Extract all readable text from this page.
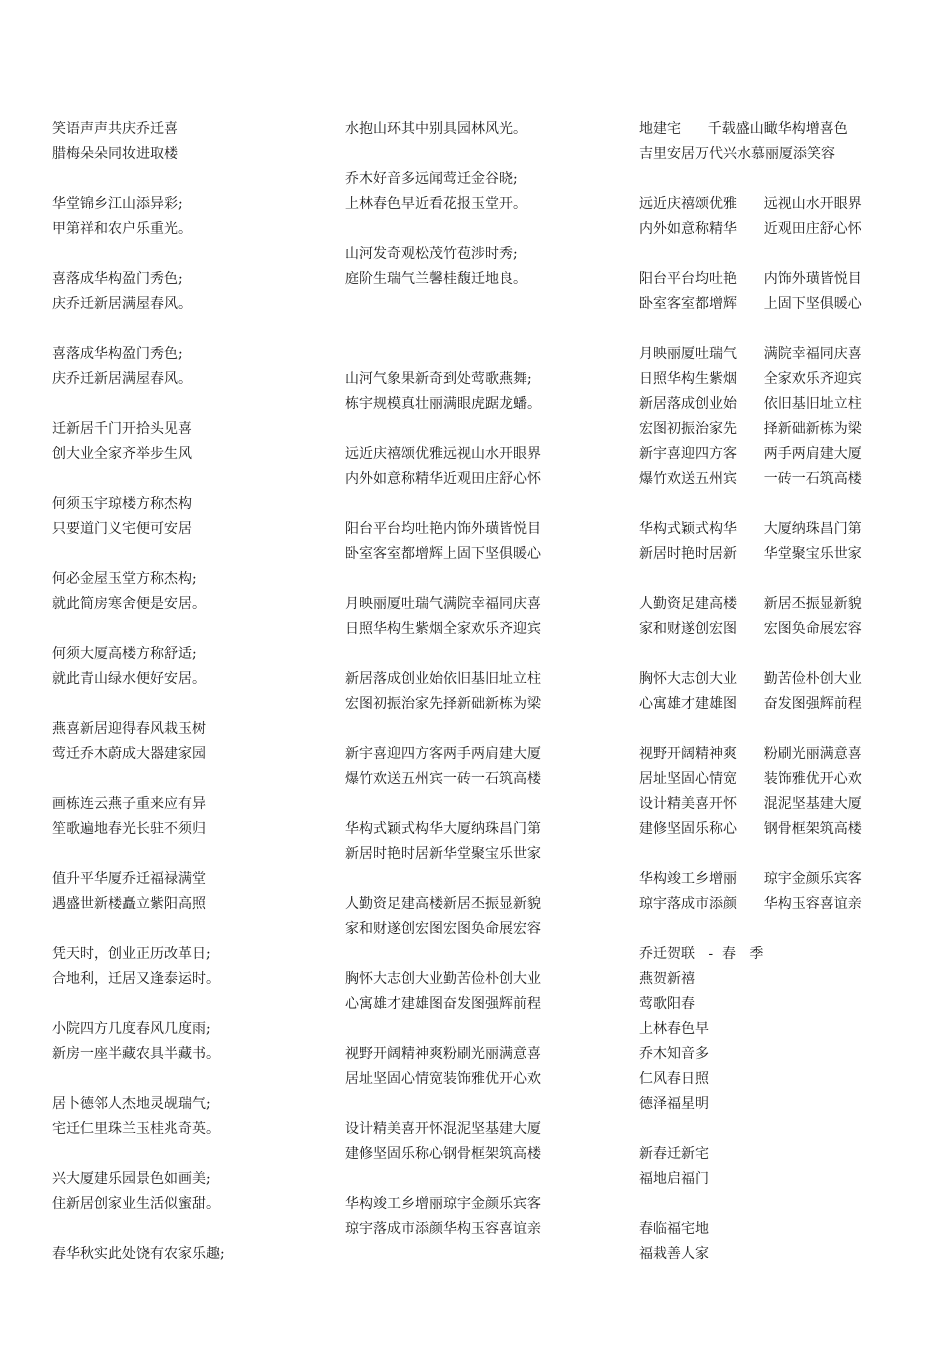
笑语声声共庆乔迁喜
腊梅朵朵同妆进取楼
华堂锦乡江山添异彩;
甲第祥和农户乐重光。
喜落成华构盈门秀色;
庆乔迁新居满屋春风。
喜落成华构盈门秀色;
庆乔迁新居满屋春风。
迁新居千门开拾头见喜
创大业全家齐举步生风
何须玉宇琼楼方称杰构
只要道门义宅便可安居
何必金屋玉堂方称杰构;
就此简房寒舍便是安居。
何须大厦高楼方称舒适;
就此青山绿水便好安居。
燕喜新居迎得春风栽玉树
莺迁乔木蔚成大器建家园
画栋连云燕子重来应有异
笙歌遍地春光长驻不须归
值升平华厦乔迁福禄满堂
遇盛世新楼矗立紫阳高照
凭天时，创业正历改革日;
合地利，迁居又逢泰运时。
小院四方几度春风几度雨;
新房一座半藏农具半藏书。
居卜德邻人杰地灵觇瑞气;
宅迁仁里珠兰玉桂兆奇英。
兴大厦建乐园景色如画美;
住新居创家业生活似蜜甜。
春华秋实此处饶有农家乐趣;
水抱山环其中别具园林风光。
乔木好音多远闻莺迁金谷晓;
上林春色早近看花报玉堂开。
山河发奇观松茂竹苞涉时秀;
庭阶生瑞气兰馨桂馥迁地良。
山河气象果新奇到处莺歌燕舞;
栋宇规模真壮丽满眼虎踞龙蟠。
远近庆禧颂优雅远视山水开眼界
内外如意称精华近观田庄舒心怀
阳台平台均吐艳内饰外璜皆悦目
卧室客室都增辉上固下坚俱暖心
月映丽厦吐瑞气满院幸福同庆喜
日照华构生紫烟全家欢乐齐迎宾
新居落成创业始依旧基旧址立柱
宏图初振治家先择新础新栋为梁
新宇喜迎四方客两手两肩建大厦
爆竹欢送五州宾一砖一石筑高楼
华构式颖式构华大厦纳珠昌门第
新居时艳时居新华堂聚宝乐世家
人勤资足建高楼新居丕振显新貌
家和财遂创宏图宏图奂命展宏容
胸怀大志创大业勤苦俭朴创大业
心寓雄才建雄图奋发图强辉前程
视野开阔精神爽粉刷光丽满意喜
居址坚固心情宽装饰雅优开心欢
设计精美喜开怀混泥坚基建大厦
建修坚固乐称心钢骨框架筑高楼
华构竣工乡增丽琼宇金颜乐宾客
琼宇落成市添颜华构玉容喜谊亲
地建宅      千载盛山瞰华构增喜色
吉里安居万代兴水慕丽厦添笑容
远近庆禧颂优雅      远视山水开眼界
内外如意称精华      近观田庄舒心怀
阳台平台均吐艳      内饰外璜皆悦目
卧室客室都增辉      上固下坚俱暖心
月映丽厦吐瑞气      满院幸福同庆喜
日照华构生紫烟      全家欢乐齐迎宾
新居落成创业始      依旧基旧址立柱
宏图初振治家先      择新础新栋为梁
新宇喜迎四方客      两手两肩建大厦
爆竹欢送五州宾      一砖一石筑高楼
华构式颖式构华      大厦纳珠昌门第
新居时艳时居新      华堂聚宝乐世家
人勤资足建高楼      新居丕振显新貌
家和财遂创宏图      宏图奂命展宏容
胸怀大志创大业      勤苦俭朴创大业
心寓雄才建雄图      奋发图强辉前程
视野开阔精神爽      粉刷光丽满意喜
居址坚固心情宽      装饰雅优开心欢
设计精美喜开怀      混泥坚基建大厦
建修坚固乐称心      钢骨框架筑高楼
华构竣工乡增丽      琼宇金颜乐宾客
琼宇落成市添颜      华构玉容喜谊亲
乔迁贺联   -  春   季
燕贺新禧
莺歌阳春
上林春色早
乔木知音多
仁风春日照
德泽福星明
新春迁新宅
福地启福门
春临福宅地
福栽善人家
